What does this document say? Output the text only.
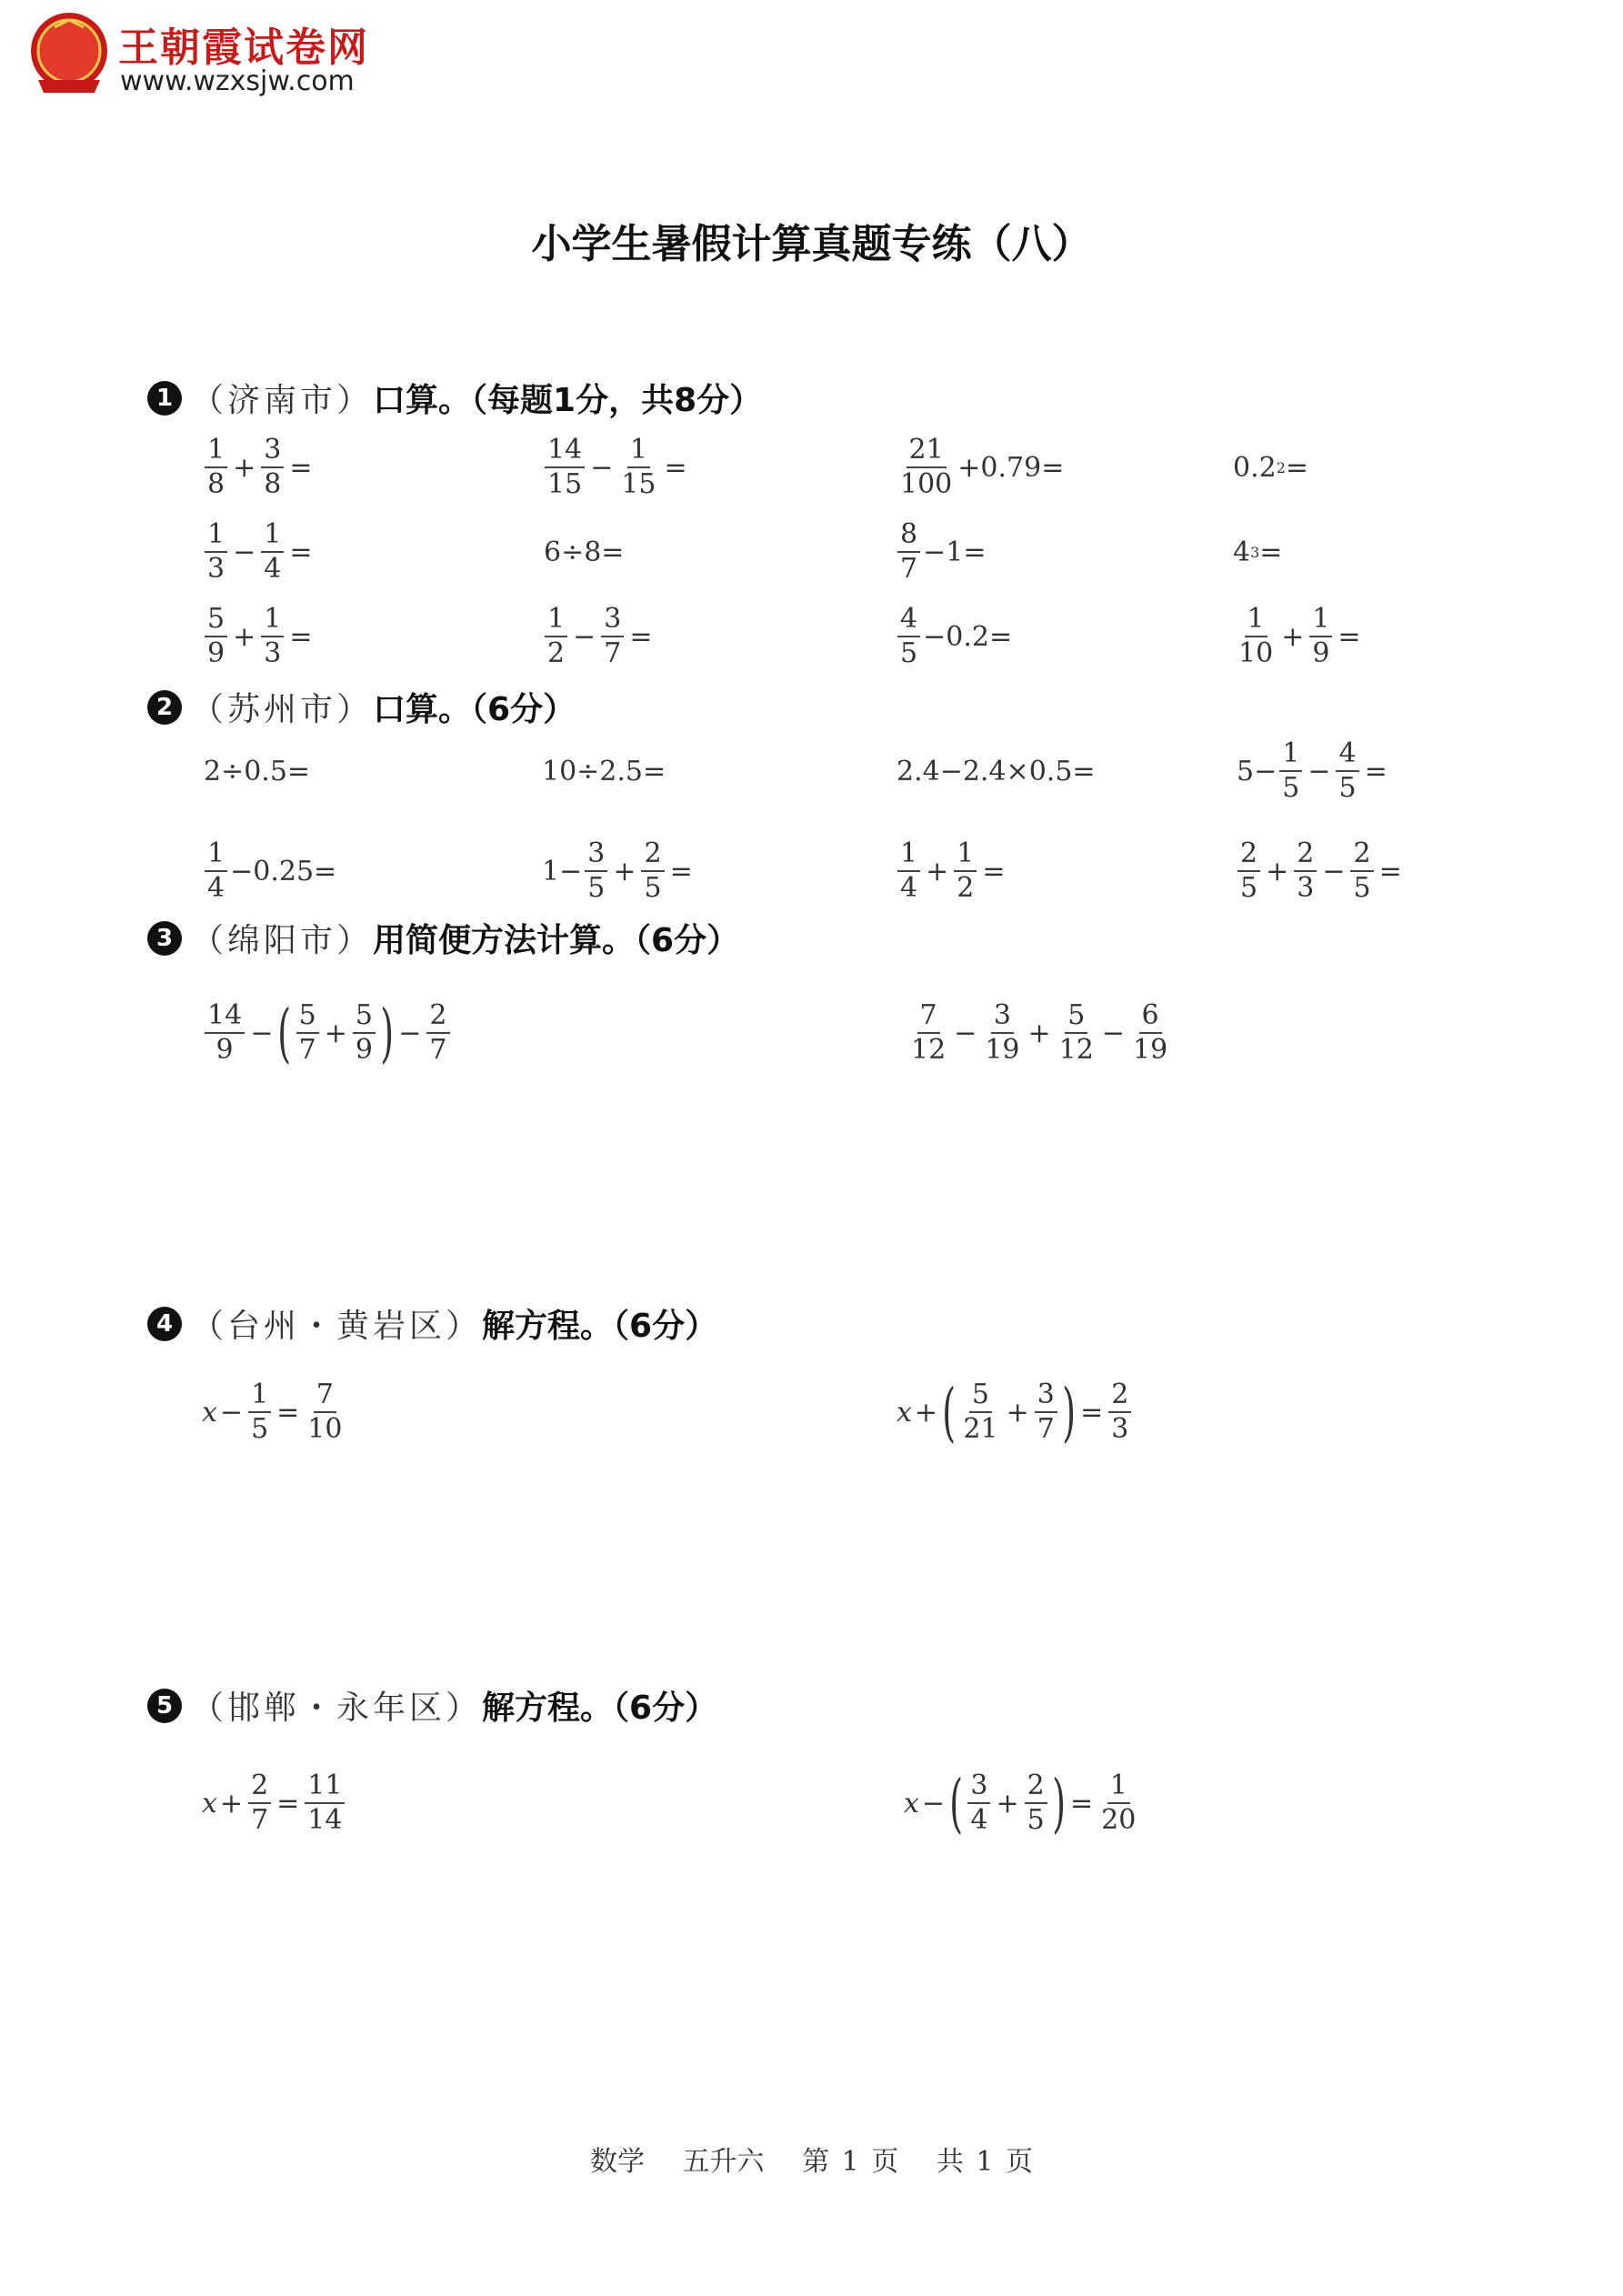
王朝霞试卷网
www.wzxsjw.com
小学生暑假计算真题专练（八）
1 （济南市） 口算。（每题1分，共8分）
$\frac{1}{8} + \frac{3}{8}$ =	$\frac{14}{15} - \frac{1}{15}$ =	$\frac{21}{100} +0.79=$	0.2 2 =
$\frac{1}{3} - \frac{1}{4}$ =	6÷8=	$\frac{8}{7} -1=$	4 3 =
$\frac{5}{9} + \frac{1}{3}$ =	$\frac{1}{2} - \frac{3}{7}$ =	$\frac{4}{5} -0.2=$	$\frac{1}{10} + \frac{1}{9}$ =
2 （苏州市） 口算。（6分）
2÷0.5=	10÷2.5=	2.4−2.4×0.5=	$5- \frac{1}{5} - \frac{4}{5}$ =
$\frac{1}{4} -0.25=$	$1- \frac{3}{5} + \frac{2}{5}$ =	$\frac{1}{4} + \frac{1}{2}$ =	$\frac{2}{5} + \frac{2}{3} - \frac{2}{5}$ =
3 （绵阳市） 用简便方法计算。（6分）
$\frac{14}{9}$ − ( $\frac{5}{7} + \frac{5}{9}$ ) − $\frac{2}{7}$	$\frac{7}{12} - \frac{3}{19} + \frac{5}{12} - \frac{6}{19}$
4 （台州・黄岩区） 解方程。（6分）
$x - \frac{1}{5} = \frac{7}{10}$	x + ( $\frac{5}{21} + \frac{3}{7}$ ) = $\frac{2}{3}$
5 （邯郸・永年区） 解方程。（6分）
$x + \frac{2}{7} = \frac{11}{14}$	x − ( $\frac{3}{4} + \frac{2}{5}$ ) = $\frac{1}{20}$
数学 五升六 第 1 页 共 1 页
